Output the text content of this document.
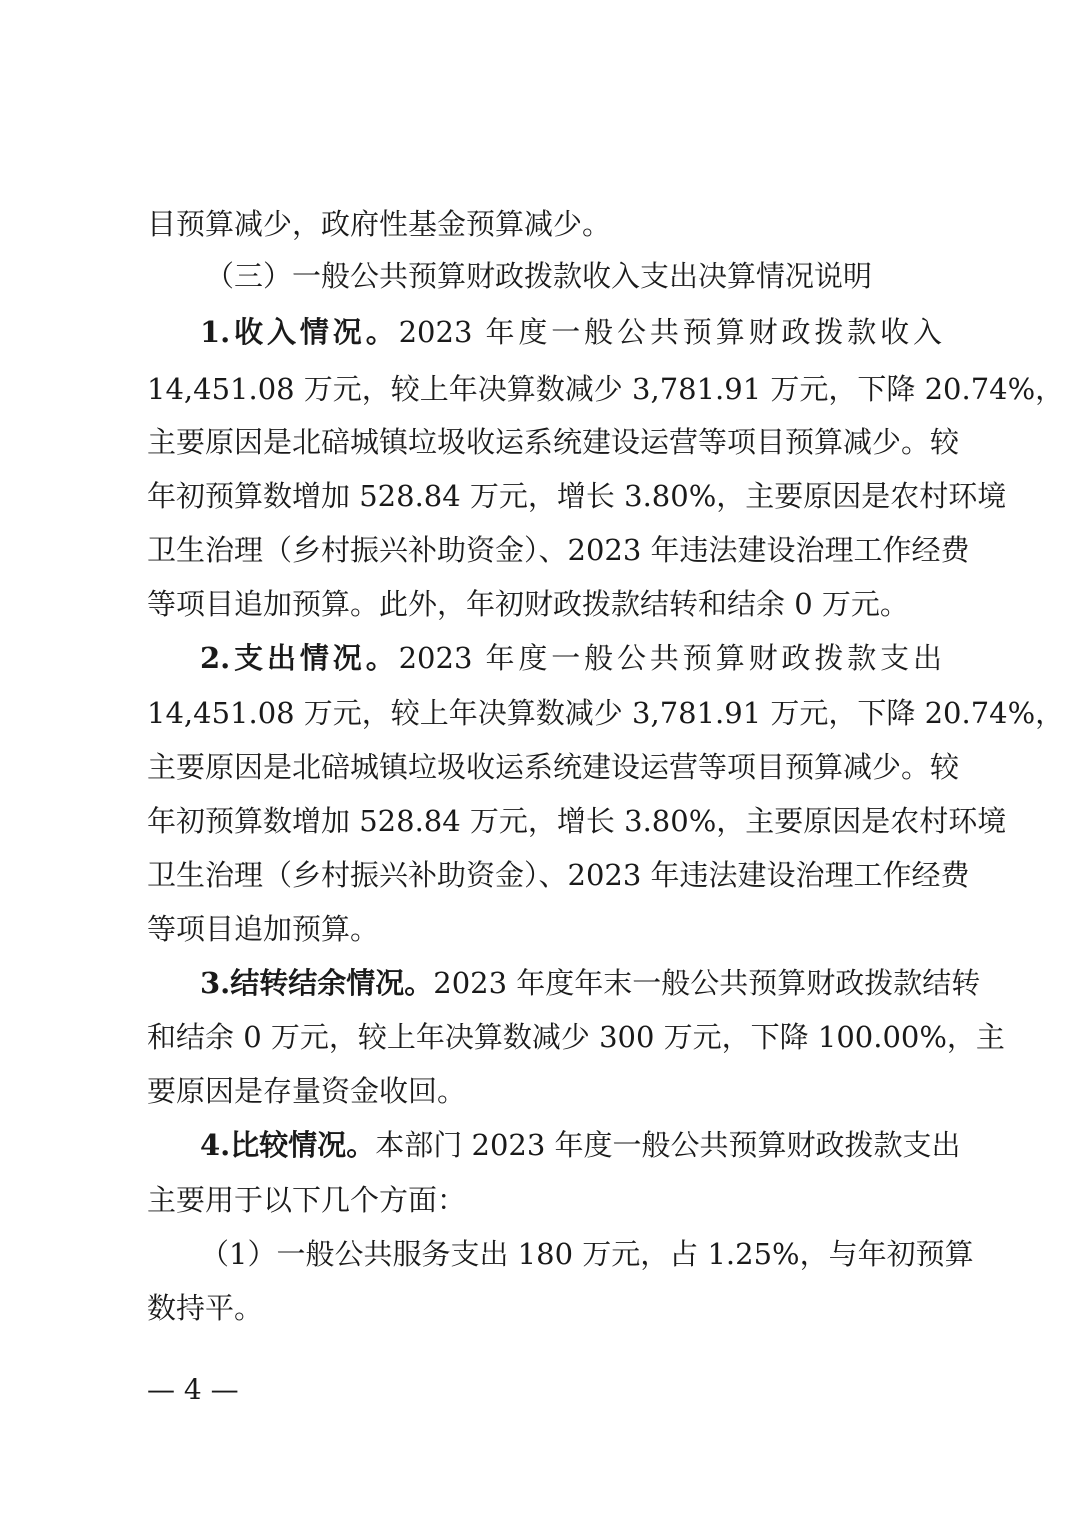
目预算减少，政府性基金预算减少。
（三）一般公共预算财政拨款收入支出决算情况说明
1.收入情况。2023 年度一般公共预算财政拨款收入
14,451.08 万元，较上年决算数减少 3,781.91 万元，下降 20.74%，
主要原因是北碚城镇垃圾收运系统建设运营等项目预算减少。较
年初预算数增加 528.84 万元，增长 3.80%，主要原因是农村环境
卫生治理（乡村振兴补助资金）、2023 年违法建设治理工作经费
等项目追加预算。此外，年初财政拨款结转和结余 0 万元。
2.支出情况。2023 年度一般公共预算财政拨款支出
14,451.08 万元，较上年决算数减少 3,781.91 万元，下降 20.74%，
主要原因是北碚城镇垃圾收运系统建设运营等项目预算减少。较
年初预算数增加 528.84 万元，增长 3.80%，主要原因是农村环境
卫生治理（乡村振兴补助资金）、2023 年违法建设治理工作经费
等项目追加预算。
3.结转结余情况。2023 年度年末一般公共预算财政拨款结转
和结余 0 万元，较上年决算数减少 300 万元，下降 100.00%，主
要原因是存量资金收回。
4.比较情况。本部门 2023 年度一般公共预算财政拨款支出
主要用于以下几个方面：
（1）一般公共服务支出 180 万元，占 1.25%，与年初预算
数持平。
— 4 —
